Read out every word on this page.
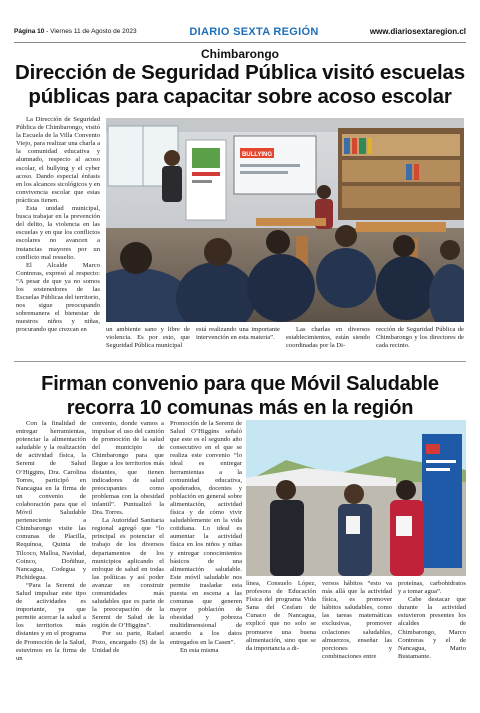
Página 10 - Viernes 11 de Agosto de 2023	DIARIO SEXTA REGIÓN	www.diariosextaregion.cl
Chimbarongo
Dirección de Seguridad Pública visitó escuelas públicas para capacitar sobre acoso escolar

La Dirección de Seguridad Pública de Chimbarongo, visitó la Escuela de la Villa Convento Viejo, para realizar una charla a la comunidad educativa y alumnado, respecto al acoso escolar, el bullying y el cyber acoso. Dando especial énfasis en los alcances sicológicos y en convivencia escolar que estas prácticas tienen.

Esta unidad municipal, busca trabajar en la prevención del delito, la violencia en las escuelas y en que los conflictos escolares no avancen a instancias mayores por un conflicto mal resuelto.

El Alcalde Marco Contreras, expresó al respecto: “A pesar de que ya no somos los sostenedores de las Escuelas Públicas del territorio, nos sigue preocupando sobremanera el bienestar de nuestros niños y niñas, procurando que crezcan en

BULLYING

un ambiente sano y libre de violencia. Es por esto, que Seguridad Pública municipal

está realizando una importante intervención en esta materia”.

Las charlas en diversos establecimientos, están siendo coordinadas por la Di-

rección de Seguridad Pública de Chimbarongo y los directores de cada recinto.

Firman convenio para que Móvil Saludable recorra 10 comunas más en la región

Con la finalidad de entregar herramientas, potenciar la alimentación saludable y la realización de actividad física, la Seremi de Salud O’Higgins, Dra. Carolina Torres, participó en Nancagua en la firma de un convenio de colaboración para que el Móvil Saludable perteneciente a Chimbarongo visite las comunas de Placilla, Requínoa, Quinta de Tilcoco, Malloa, Navidad, Coinco, Doñihue, Nancagua, Codegua y Pichidegua.

“Para la Seremi de Salud impulsar este tipo de actividades es importante, ya que permite acercar la salud a los territorios más distantes y en el programa de Promoción de la Salud, estuvimos en la firma de un

convenio, donde vamos a impulsar el uso del camión de promoción de la salud del municipio de Chimbarongo para que llegue a los territorios más distantes, que tienen indicadores de salud preocupantes como problemas con la obesidad infantil”. Puntualizó la Dra. Torres.

La Autoridad Sanitaria regional agregó que “lo principal es potenciar el trabajo de los diversos departamentos de los municipios aplicando el enfoque de salud en todas las políticas y así poder avanzar en construir comunidades más saludables que es parte de la preocupación de la Seremi de Salud de la región de O’Higgins”.

Por su parte, Rafael Pozo, encargado (S) de la Unidad de

Promoción de la Seremi de Salud O’Higgins señaló que este es el segundo año consecutivo en el que se realiza este convenio “lo ideal es entregar herramientas a la comunidad educativa, apoderados, docentes y población en general sobre alimentación, actividad física y de cómo vivir saludablemente en la vida cotidiana. Lo ideal es aumentar la actividad física en los niños y niñas y entregar conocimientos básicos de una alimentación saludable. Este móvil saludable nos permite trasladar esta puesta en escena a las comunas que generen mayor población de obesidad y pobreza multidimensional de acuerdo a los datos entregados en la Casen”.

En esta misma

línea, Consuelo López, profesora de Educación Física del programa Vida Sana del Cesfam de Cunaco de Nancagua, explicó que no solo se promueve una buena alimentación, sino que se da importancia a di-

versos hábitos “esto va más allá que la actividad física, es promover hábitos saludables, como las tareas matemáticas exclusivas, promover colaciones saludables, almuerzos, enseñar las porciones y combinaciones entre

proteínas, carbohidratos y a tomar agua”.

Cabe destacar que durante la actividad estuvieron presentes los alcaldes de Chimbarongo, Marco Contreras y el de Nancagua, Mario Bustamante.
